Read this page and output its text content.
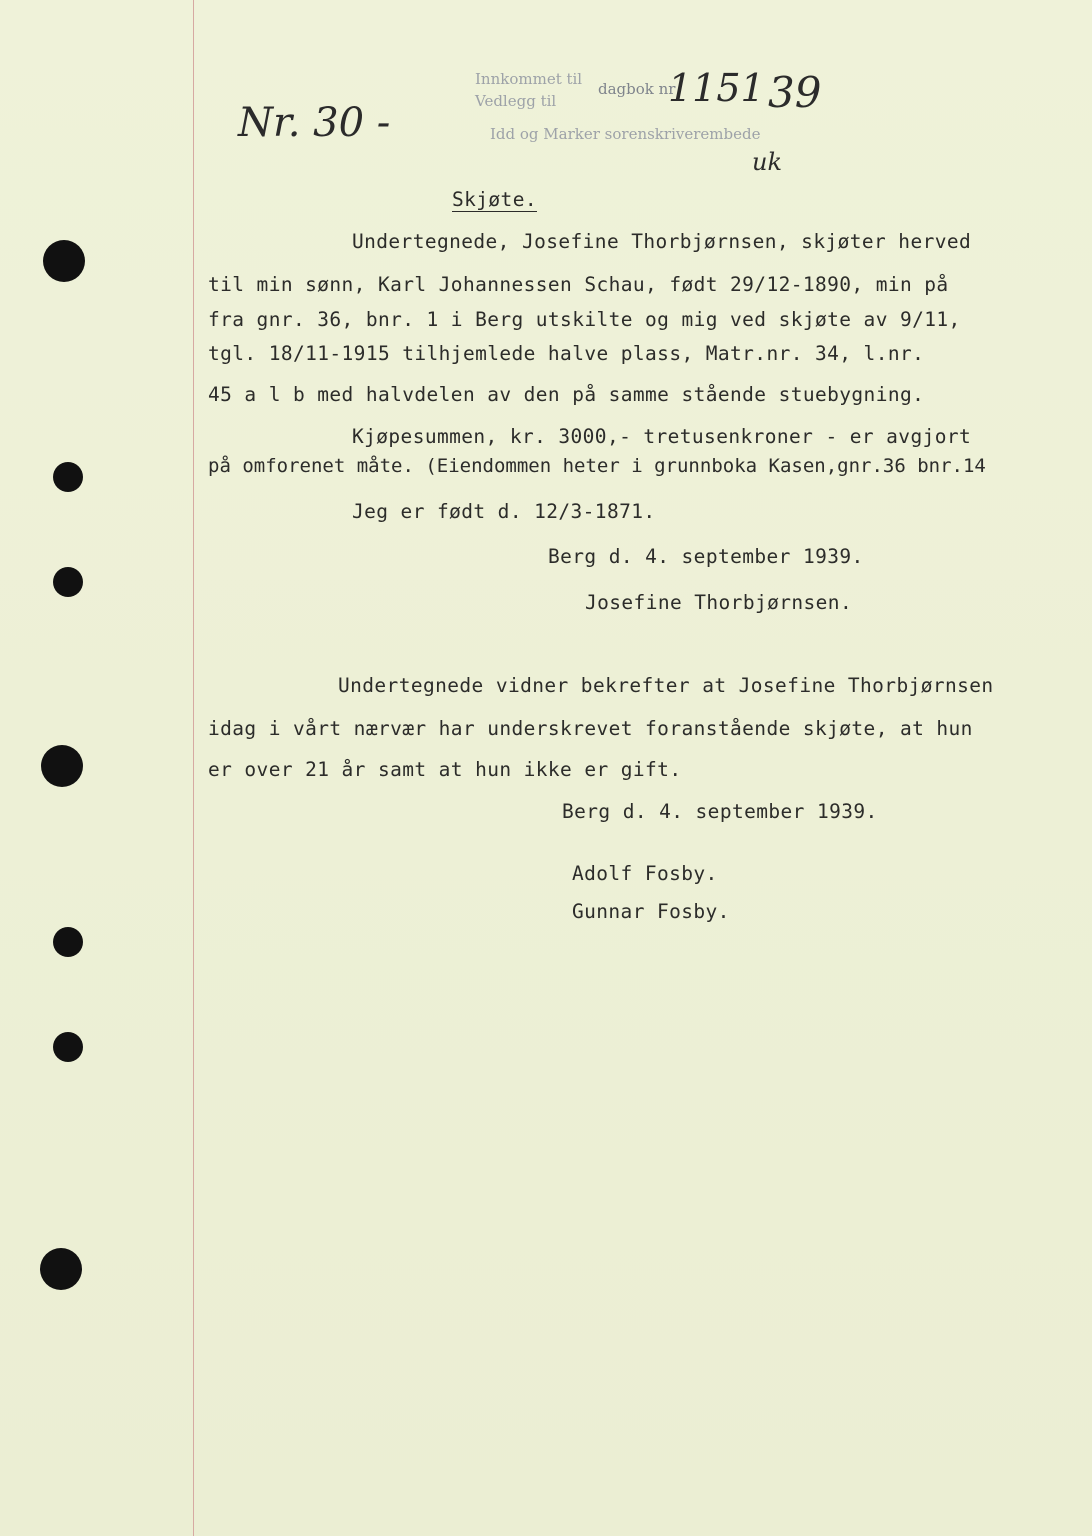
Nr. 30 -
1151 39
uk
Innkommet til
dagbok nr
Vedlegg til
Idd og Marker sorenskriverembede
Skjøte.
Undertegnede, Josefine Thorbjørnsen, skjøter herved
til min sønn, Karl Johannessen Schau, født 29/12-1890, min på
fra gnr. 36, bnr. 1 i Berg utskilte og mig ved skjøte av 9/11,
tgl. 18/11-1915 tilhjemlede halve plass, Matr.nr. 34, l.nr.
45 a l b med halvdelen av den på samme stående stuebygning.
Kjøpesummen, kr. 3000,- tretusenkroner - er avgjort
på omforenet måte. (Eiendommen heter i grunnboka Kasen,gnr.36 bnr.14
Jeg er født d. 12/3-1871.
Berg d. 4. september 1939.
Josefine Thorbjørnsen.
Undertegnede vidner bekrefter at Josefine Thorbjørnsen
idag i vårt nærvær har underskrevet foranstående skjøte, at hun
er over 21 år samt at hun ikke er gift.
Berg d. 4. september 1939.
Adolf Fosby.
Gunnar Fosby.
